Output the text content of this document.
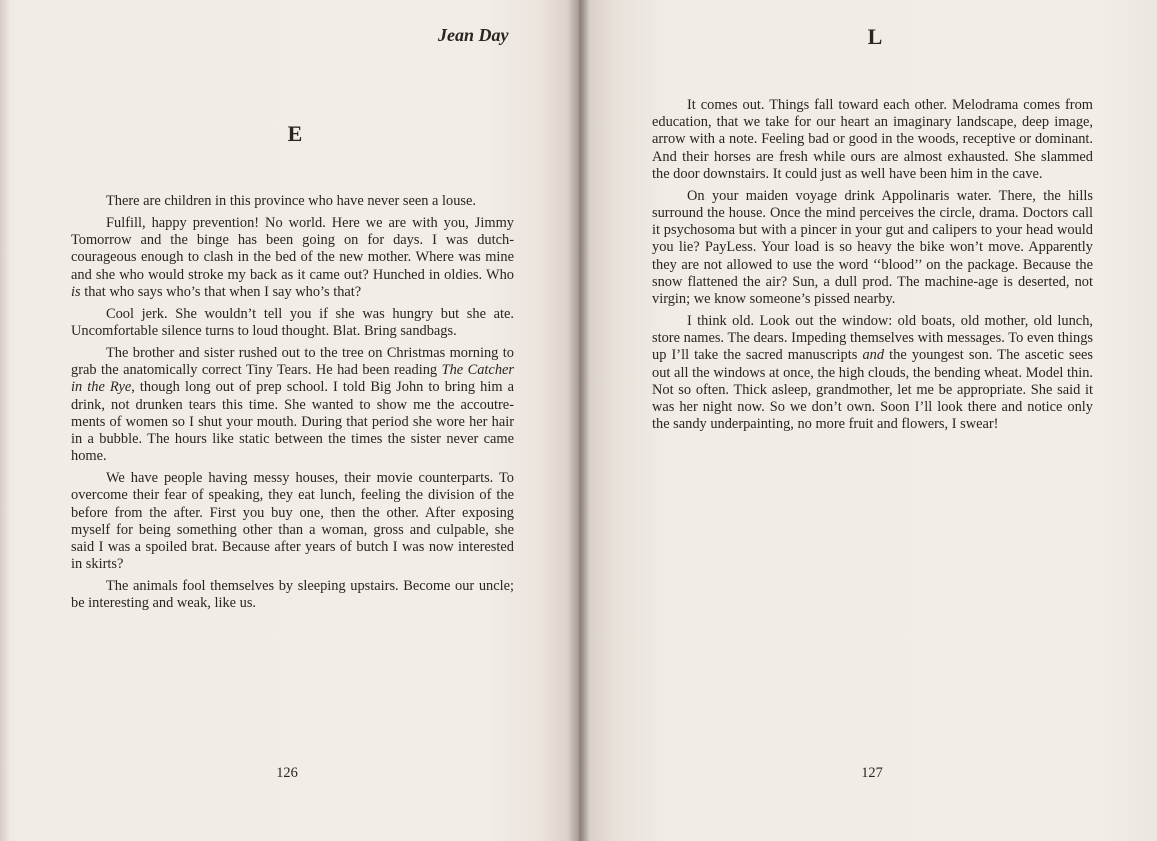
Jean Day
E

There are children in this province who have never seen a louse.

Fulfill, happy prevention! No world. Here we are with you, Jimmy Tomorrow and the binge has been going on for days. I was dutch-courageous enough to clash in the bed of the new mother. Where was mine and she who would stroke my back as it came out? Hunched in oldies. Who is that who says who’s that when I say who’s that?

Cool jerk. She wouldn’t tell you if she was hungry but she ate. Uncomfortable silence turns to loud thought. Blat. Bring sandbags.

The brother and sister rushed out to the tree on Christmas morning to grab the anatomically correct Tiny Tears. He had been reading The Catcher in the Rye, though long out of prep school. I told Big John to bring him a drink, not drunken tears this time. She wanted to show me the accoutre-ments of women so I shut your mouth. During that period she wore her hair in a bubble. The hours like static between the times the sister never came home.

We have people having messy houses, their movie counterparts. To overcome their fear of speaking, they eat lunch, feeling the division of the before from the after. First you buy one, then the other. After exposing myself for being something other than a woman, gross and culpable, she said I was a spoiled brat. Because after years of butch I was now interested in skirts?

The animals fool themselves by sleeping upstairs. Become our uncle; be interesting and weak, like us.

126
L

It comes out. Things fall toward each other. Melodrama comes from education, that we take for our heart an imaginary landscape, deep image, arrow with a note. Feeling bad or good in the woods, receptive or dominant. And their horses are fresh while ours are almost exhausted. She slammed the door downstairs. It could just as well have been him in the cave.

On your maiden voyage drink Appolinaris water. There, the hills surround the house. Once the mind perceives the circle, drama. Doctors call it psychosoma but with a pincer in your gut and calipers to your head would you lie? PayLess. Your load is so heavy the bike won’t move. Apparently they are not allowed to use the word ‘‘blood’’ on the package. Because the snow flattened the air? Sun, a dull prod. The machine-age is deserted, not virgin; we know someone’s pissed nearby.

I think old. Look out the window: old boats, old mother, old lunch, store names. The dears. Impeding themselves with messages. To even things up I’ll take the sacred manuscripts and the youngest son. The ascetic sees out all the windows at once, the high clouds, the bending wheat. Model thin. Not so often. Thick asleep, grandmother, let me be appropriate. She said it was her night now. So we don’t own. Soon I’ll look there and notice only the sandy underpainting, no more fruit and flowers, I swear!

127
